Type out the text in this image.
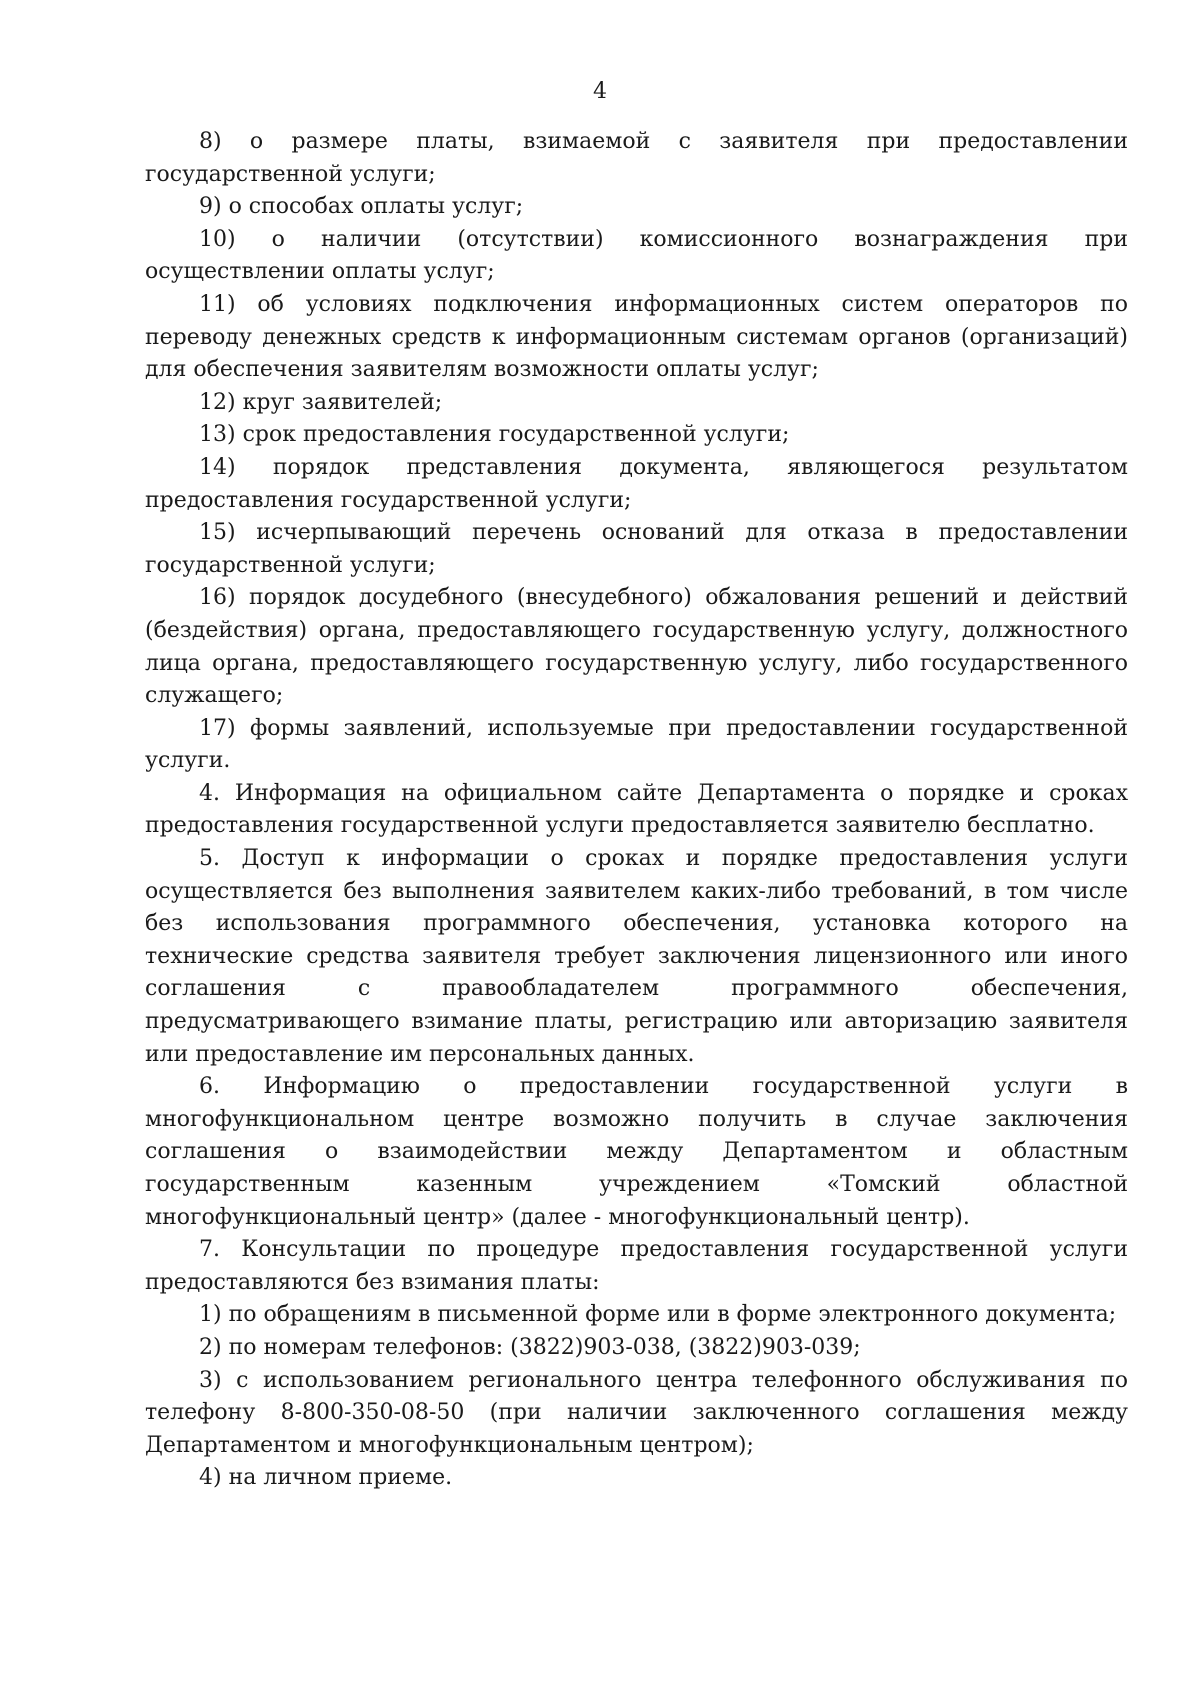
4

8) о размере платы, взимаемой с заявителя при предоставлении государственной услуги;

9) о способах оплаты услуг;

10) о наличии (отсутствии) комиссионного вознаграждения при осуществлении оплаты услуг;

11) об условиях подключения информационных систем операторов по переводу денежных средств к информационным системам органов (организаций) для обеспечения заявителям возможности оплаты услуг;

12) круг заявителей;

13) срок предоставления государственной услуги;

14) порядок представления документа, являющегося результатом предоставления государственной услуги;

15) исчерпывающий перечень оснований для отказа в предоставлении государственной услуги;

16) порядок досудебного (внесудебного) обжалования решений и действий (бездействия) органа, предоставляющего государственную услугу, должностного лица органа, предоставляющего государственную услугу, либо государственного служащего;

17) формы заявлений, используемые при предоставлении государственной услуги.

4. Информация на официальном сайте Департамента о порядке и сроках предоставления государственной услуги предоставляется заявителю бесплатно.

5. Доступ к информации о сроках и порядке предоставления услуги осуществляется без выполнения заявителем каких-либо требований, в том числе без использования программного обеспечения, установка которого на технические средства заявителя требует заключения лицензионного или иного соглашения с правообладателем программного обеспечения, предусматривающего взимание платы, регистрацию или авторизацию заявителя или предоставление им персональных данных.

6. Информацию о предоставлении государственной услуги в многофункциональном центре возможно получить в случае заключения соглашения о взаимодействии между Департаментом и областным государственным казенным учреждением «Томский областной многофункциональный центр» (далее - многофункциональный центр).

7. Консультации по процедуре предоставления государственной услуги предоставляются без взимания платы:

1) по обращениям в письменной форме или в форме электронного документа;

2) по номерам телефонов: (3822)903-038, (3822)903-039;

3) с использованием регионального центра телефонного обслуживания по телефону 8-800-350-08-50 (при наличии заключенного соглашения между Департаментом и многофункциональным центром);

4) на личном приеме.
